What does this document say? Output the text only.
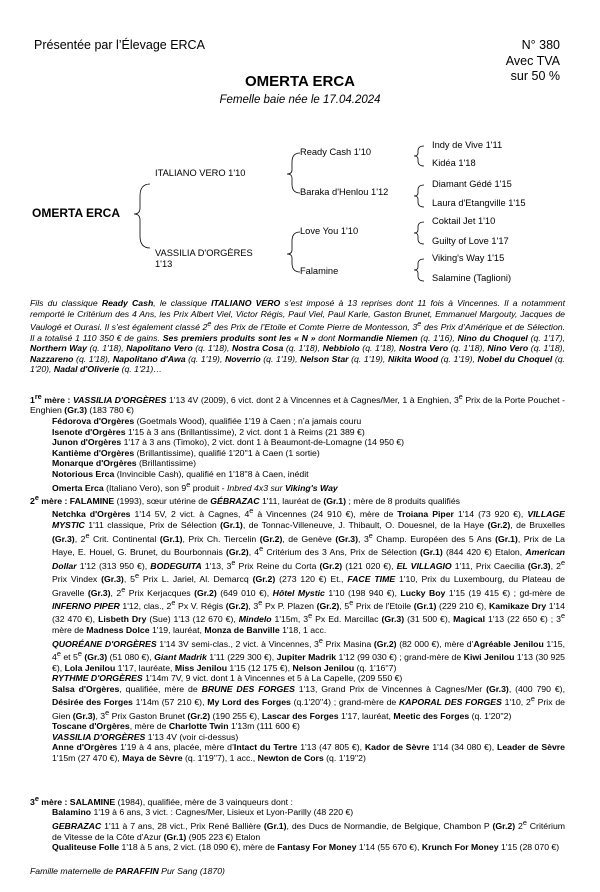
Présentée par l’Élevage ERCA	N° 380
Avec TVA
sur 50 %
OMERTA ERCA
Femelle baie née le 17.04.2024
OMERTA ERCA
ITALIANO VERO 1'10
VASSILIA D'ORGÈRES
1'13
Ready Cash 1'10
Baraka d'Henlou 1'12
Love You 1'10
Falamine
Indy de Vive 1'11
Kidéa 1'18
Diamant Gédé 1'15
Laura d'Etangville 1'15
Coktail Jet 1'10
Guilty of Love 1'17
Viking's Way 1'15
Salamine (Taglioni)
Fils du classique Ready Cash, le classique ITALIANO VERO s’est imposé à 13 reprises dont 11 fois à Vincennes. Il a notamment remporté le Critérium des 4 Ans, les Prix Albert Viel, Victor Régis, Paul Viel, Paul Karle, Gaston Brunet, Emmanuel Margouty, Jacques de Vaulogé et Ourasi. Il s’est également classé 2e des Prix de l’Etoile et Comte Pierre de Montesson, 3e des Prix d’Amérique et de Sélection. Il a totalisé 1 110 350 € de gains. Ses premiers produits sont les « N » dont Normandie Niemen (q. 1'16), Nino du Choquel (q. 1'17), Northern Way (q. 1'18), Napolitano Vero (q. 1'18), Nostra Cosa (q. 1'18), Nebbiolo (q. 1'18), Nostra Vero (q. 1'18), Nino Vero (q. 1'18), Nazzareno (q. 1'18), Napolitano d'Awa (q. 1'19), Noverrio (q. 1'19), Nelson Star (q. 1'19), Nikita Wood (q. 1'19), Nobel du Choquel (q. 1'20), Nadal d'Oliverie (q. 1'21)…
1re mère : VASSILIA D'ORGÈRES 1'13 4V (2009), 6 vict. dont 2 à Vincennes et à Cagnes/Mer, 1 à Enghien, 3e Prix de la Porte Pouchet - Enghien (Gr.3) (183 780 €)
Fédorova d'Orgères (Goetmals Wood), qualifiée 1'19 à Caen ; n’a jamais couru
Isenote d'Orgères 1'15 à 3 ans (Brillantissime), 2 vict. dont 1 à Reims (21 389 €)
Junon d'Orgères 1'17 à 3 ans (Timoko), 2 vict. dont 1 à Beaumont-de-Lomagne (14 950 €)
Kantième d'Orgères (Brillantissime), qualifié 1'20''1 à Caen (1 sortie)
Monarque d'Orgères (Brillantissime)
Notorious Erca (Invincible Cash), qualifié en 1'18''8 à Caen, inédit
Omerta Erca (Italiano Vero), son 9e produit - Inbred 4x3 sur Viking's Way
2e mère : FALAMINE (1993), sœur utérine de GÉBRAZAC 1'11, lauréat de (Gr.1) ; mère de 8 produits qualifiés
Netchka d'Orgères 1'14 5V, 2 vict. à Cagnes, 4e à Vincennes (24 910 €), mère de Troiana Piper 1'14 (73 920 €), VILLAGE MYSTIC 1'11 classique, Prix de Sélection (Gr.1), de Tonnac-Villeneuve, J. Thibault, O. Douesnel, de la Haye (Gr.2), de Bruxelles (Gr.3), 2e Crit. Continental (Gr.1), Prix Ch. Tiercelin (Gr.2), de Genève (Gr.3), 3e Champ. Européen des 5 Ans (Gr.1), Prix de La Haye, E. Houel, G. Brunet, du Bourbonnais (Gr.2), 4e Critérium des 3 Ans, Prix de Sélection (Gr.1) (844 420 €) Etalon, American Dollar 1'12 (313 950 €), BODEGUITA 1'13, 3e Prix Reine du Corta (Gr.2) (121 020 €), EL VILLAGIO 1'11, Prix Caecilia (Gr.3), 2e Prix Vindex (Gr.3), 5e Prix L. Jariel, Al. Demarcq (Gr.2) (273 120 €) Et., FACE TIME 1'10, Prix du Luxembourg, du Plateau de Gravelle (Gr.3), 2e Prix Kerjacques (Gr.2) (649 010 €), Hôtel Mystic 1'10 (198 940 €), Lucky Boy 1'15 (19 415 €) ; gd-mère de INFERNO PIPER 1'12, clas., 2e Px V. Régis (Gr.2), 3e Px P. Plazen (Gr.2), 5e Prix de l'Etoile (Gr.1) (229 210 €), Kamikaze Dry 1'14 (32 470 €), Lisbeth Dry (Sue) 1'13 (12 670 €), Mindelo 1'15m, 3e Px Ed. Marcillac (Gr.3) (31 500 €), Magical 1'13 (22 650 €) ; 3e mère de Madness Dolce 1'19, lauréat, Monza de Banville 1'18, 1 acc.
QUORÉANE D'ORGÈRES 1'14 3V semi-clas., 2 vict. à Vincennes, 3e Prix Masina (Gr.2) (82 000 €), mère d’Agréable Jenilou 1'15, 4e et 5e (Gr.3) (51 080 €), Giant Madrik 1'11 (229 300 €), Jupiter Madrik 1'12 (99 030 €) ; grand-mère de Kiwi Jenilou 1'13 (30 925 €), Lola Jenilou 1'17, lauréate, Miss Jenilou 1'15 (12 175 €), Nelson Jenilou (q. 1'16''7)
RYTHME D'ORGÈRES 1'14m 7V, 9 vict. dont 1 à Vincennes et 5 à La Capelle, (209 550 €)
Salsa d'Orgères, qualifiée, mère de BRUNE DES FORGES 1'13, Grand Prix de Vincennes à Cagnes/Mer (Gr.3), (400 790 €), Désirée des Forges 1'14m (57 210 €), My Lord des Forges (q.1'20''4) ; grand-mère de KAPORAL DES FORGES 1'10, 2e Prix de Gien (Gr.3), 3e Prix Gaston Brunet (Gr.2) (190 255 €), Lascar des Forges 1'17, lauréat, Meetic des Forges (q. 1'20''2)
Toscane d'Orgères, mère de Charlotte Twin 1'13m (111 600 €)
VASSILIA D'ORGÈRES 1'13 4V (voir ci-dessus)
Anne d'Orgères 1'19 à 4 ans, placée, mère d’Intact du Tertre 1'13 (47 805 €), Kador de Sèvre 1'14 (34 080 €), Leader de Sèvre 1'15m (27 470 €), Maya de Sèvre (q. 1'19''7), 1 acc., Newton de Cors (q. 1'19''2)
3e mère : SALAMINE (1984), qualifiée, mère de 3 vainqueurs dont :
Balamino 1'19 à 6 ans, 3 vict. : Cagnes/Mer, Lisieux et Lyon-Parilly (48 220 €)
GEBRAZAC 1'11 à 7 ans, 28 vict., Prix René Ballière (Gr.1), des Ducs de Normandie, de Belgique, Chambon P (Gr.2) 2e Critérium de Vitesse de la Côte d'Azur (Gr.1) (905 223 €) Etalon
Qualiteuse Folle 1'18 à 5 ans, 2 vict. (18 090 €), mère de Fantasy For Money 1'14 (55 670 €), Krunch For Money 1'15 (28 070 €)
Famille maternelle de PARAFFIN Pur Sang (1870)
